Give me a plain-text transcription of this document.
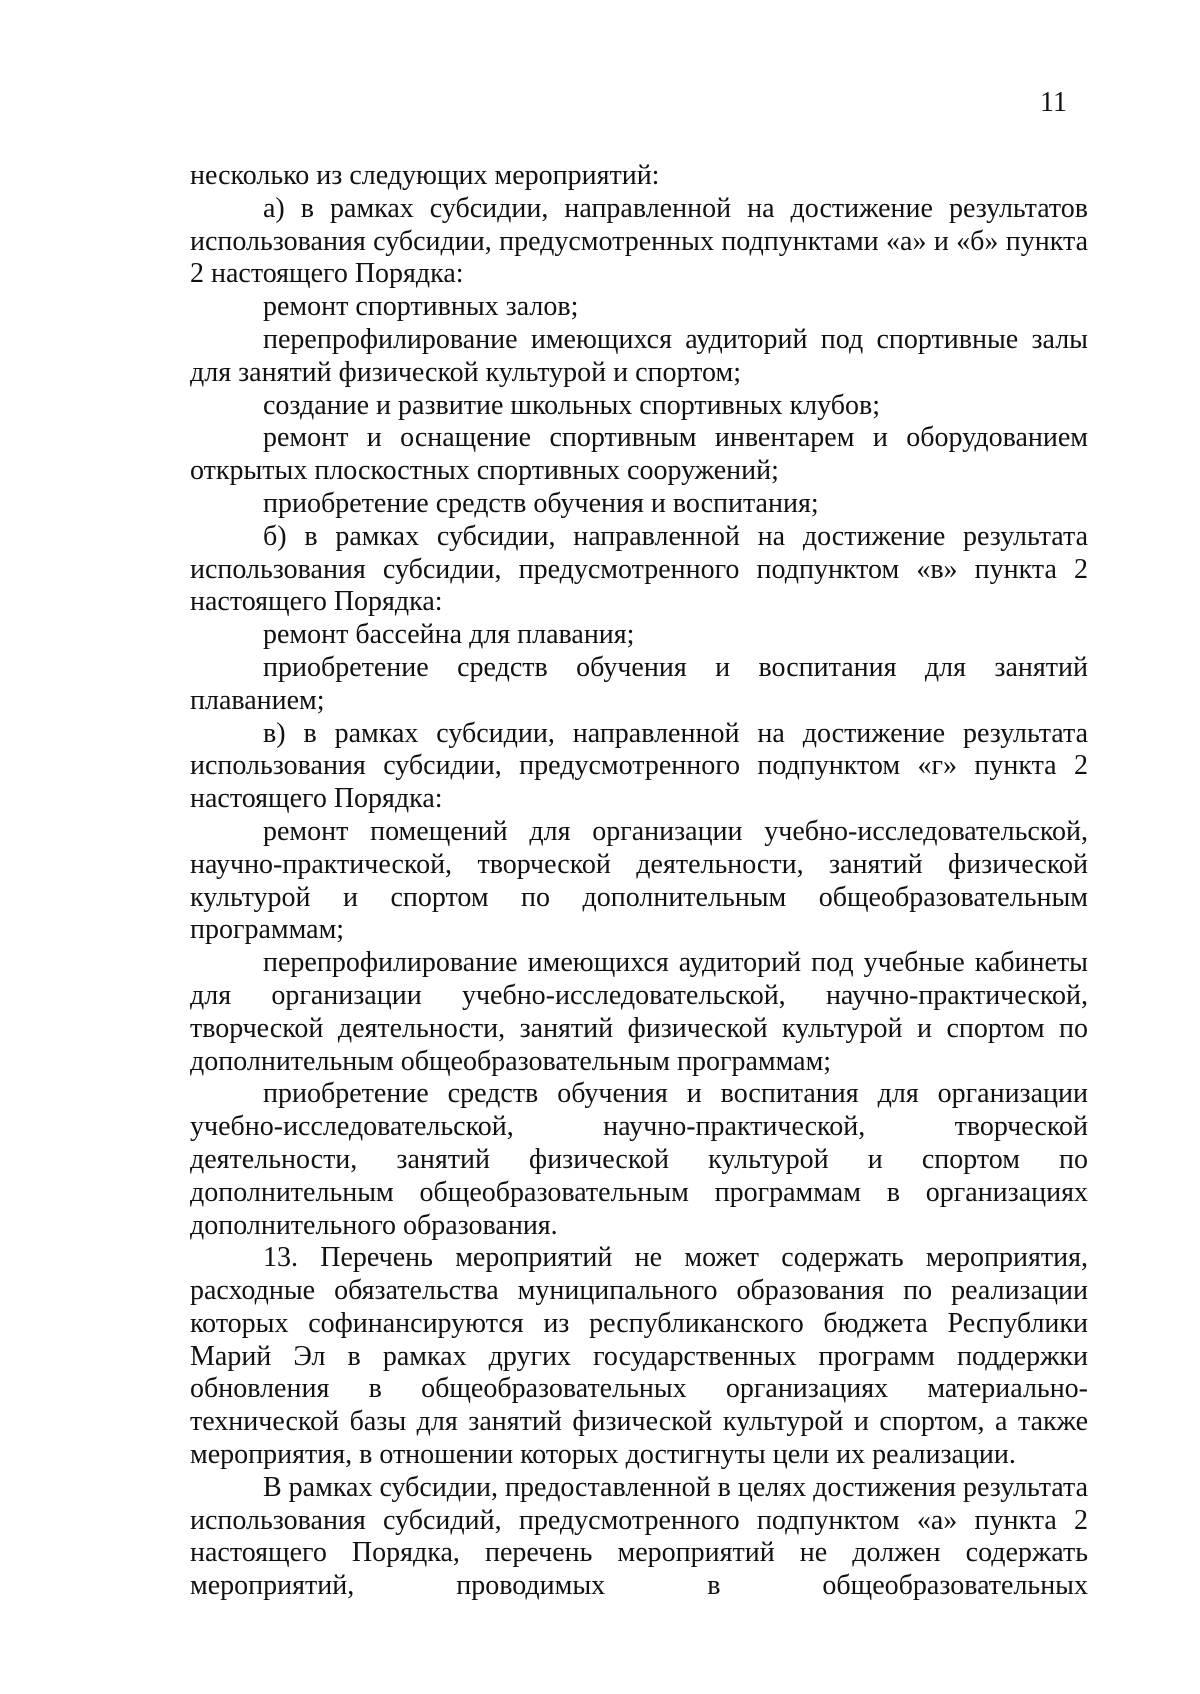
11

несколько из следующих мероприятий:

а) в рамках субсидии, направленной на достижение результатов использования субсидии, предусмотренных подпунктами «а» и «б» пункта 2 настоящего Порядка:

ремонт спортивных залов;

перепрофилирование имеющихся аудиторий под спортивные залы для занятий физической культурой и спортом;

создание и развитие школьных спортивных клубов;

ремонт и оснащение спортивным инвентарем и оборудованием открытых плоскостных спортивных сооружений;

приобретение средств обучения и воспитания;

б) в рамках субсидии, направленной на достижение результата использования субсидии, предусмотренного подпунктом «в» пункта 2 настоящего Порядка:

ремонт бассейна для плавания;

приобретение средств обучения и воспитания для занятий плаванием;

в) в рамках субсидии, направленной на достижение результата использования субсидии, предусмотренного подпунктом «г» пункта 2 настоящего Порядка:

ремонт помещений для организации учебно-исследовательской, научно-практической, творческой деятельности, занятий физической культурой и спортом по дополнительным общеобразовательным программам;

перепрофилирование имеющихся аудиторий под учебные кабинеты для организации учебно-исследовательской, научно-практической, творческой деятельности, занятий физической культурой и спортом по дополнительным общеобразовательным программам;

приобретение средств обучения и воспитания для организации учебно-исследовательской, научно-практической, творческой деятельности, занятий физической культурой и спортом по дополнительным общеобразовательным программам в организациях дополнительного образования.

13. Перечень мероприятий не может содержать мероприятия, расходные обязательства муниципального образования по реализации которых софинансируются из республиканского бюджета Республики Марий Эл в рамках других государственных программ поддержки обновления в общеобразовательных организациях материально-технической базы для занятий физической культурой и спортом, а также мероприятия, в отношении которых достигнуты цели их реализации.

В рамках субсидии, предоставленной в целях достижения результата использования субсидий, предусмотренного подпунктом «а» пункта 2 настоящего Порядка, перечень мероприятий не должен содержать мероприятий, проводимых в общеобразовательных
